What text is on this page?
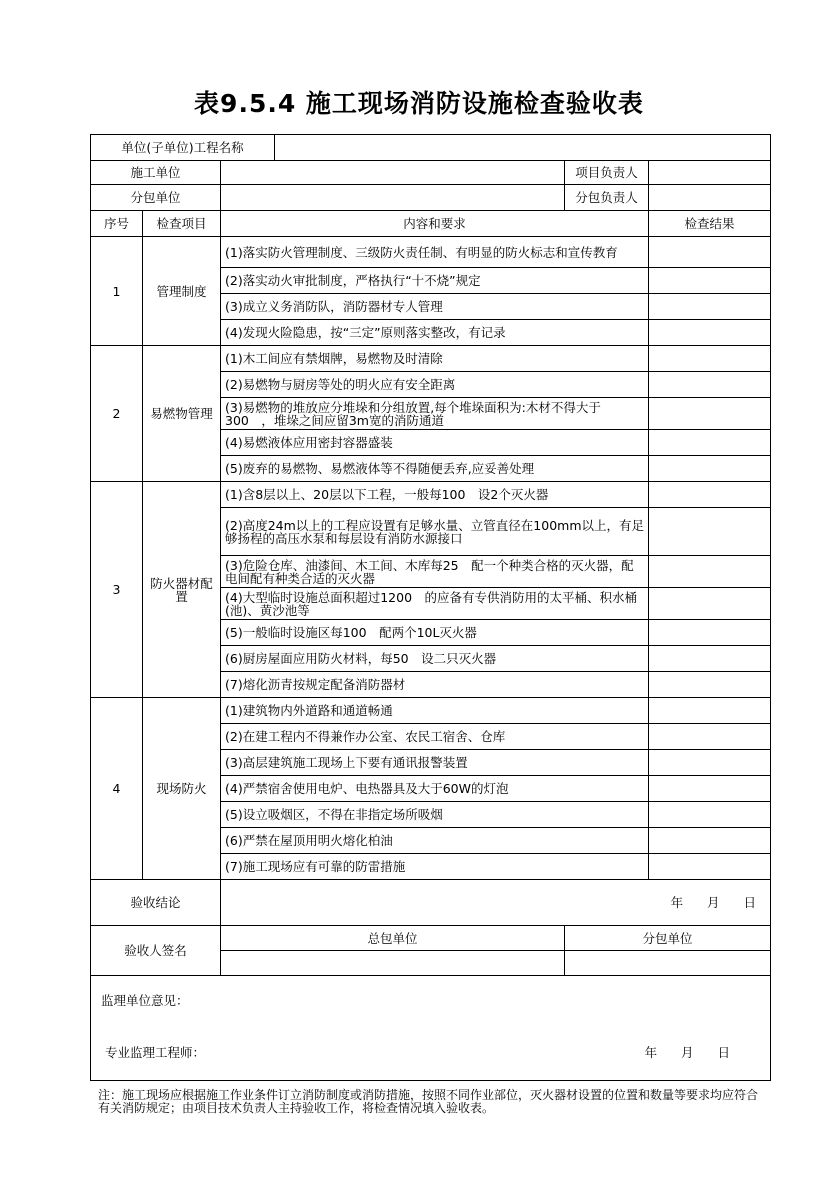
表9.5.4 施工现场消防设施检查验收表
单位(子单位)工程名称					
施工单位				项目负责人	
分包单位				分包负责人	
序号	检查项目	内容和要求			检查结果
1	管理制度	(1)落实防火管理制度、三级防火责任制、有明显的防火标志和宣传教育			
		(2)落实动火审批制度，严格执行“十不烧”规定			
		(3)成立义务消防队，消防器材专人管理			
		(4)发现火险隐患，按“三定”原则落实整改，有记录			
2	易燃物管理	(1)木工间应有禁烟牌，易燃物及时清除			
		(2)易燃物与厨房等处的明火应有安全距离			
		(3)易燃物的堆放应分堆垛和分组放置,每个堆垛面积为:木材不得大于300　，堆垛之间应留3m宽的消防通道			
		(4)易燃液体应用密封容器盛装			
		(5)废弃的易燃物、易燃液体等不得随便丢弃,应妥善处理			
3	防火器材配置	(1)含8层以上、20层以下工程，一般每100　设2个灭火器			
		(2)高度24m以上的工程应设置有足够水量、立管直径在100mm以上，有足够扬程的高压水泵和每层设有消防水源接口			
		(3)危险仓库、油漆间、木工间、木库每25　配一个种类合格的灭火器，配电间配有种类合适的灭火器			
		(4)大型临时设施总面积超过1200　的应备有专供消防用的太平桶、积水桶(池)、黄沙池等			
		(5)一般临时设施区每100　配两个10L灭火器			
		(6)厨房屋面应用防火材料，每50　设二只灭火器			
		(7)熔化沥青按规定配备消防器材			
4	现场防火	(1)建筑物内外道路和通道畅通			
		(2)在建工程内不得兼作办公室、农民工宿舍、仓库			
		(3)高层建筑施工现场上下要有通讯报警装置			
		(4)严禁宿舍使用电炉、电热器具及大于60W的灯泡			
		(5)设立吸烟区，不得在非指定场所吸烟			
		(6)严禁在屋顶用明火熔化柏油			
		(7)施工现场应有可靠的防雷措施			
验收结论		年 月 日			
验收人签名		总包单位		分包单位	

监理单位意见：
专业监理工程师： 年 月 日					
注：施工现场应根据施工作业条件订立消防制度或消防措施，按照不同作业部位，灭火器材设置的位置和数量等要求均应符合有关消防规定；由项目技术负责人主持验收工作，将检查情况填入验收表。
